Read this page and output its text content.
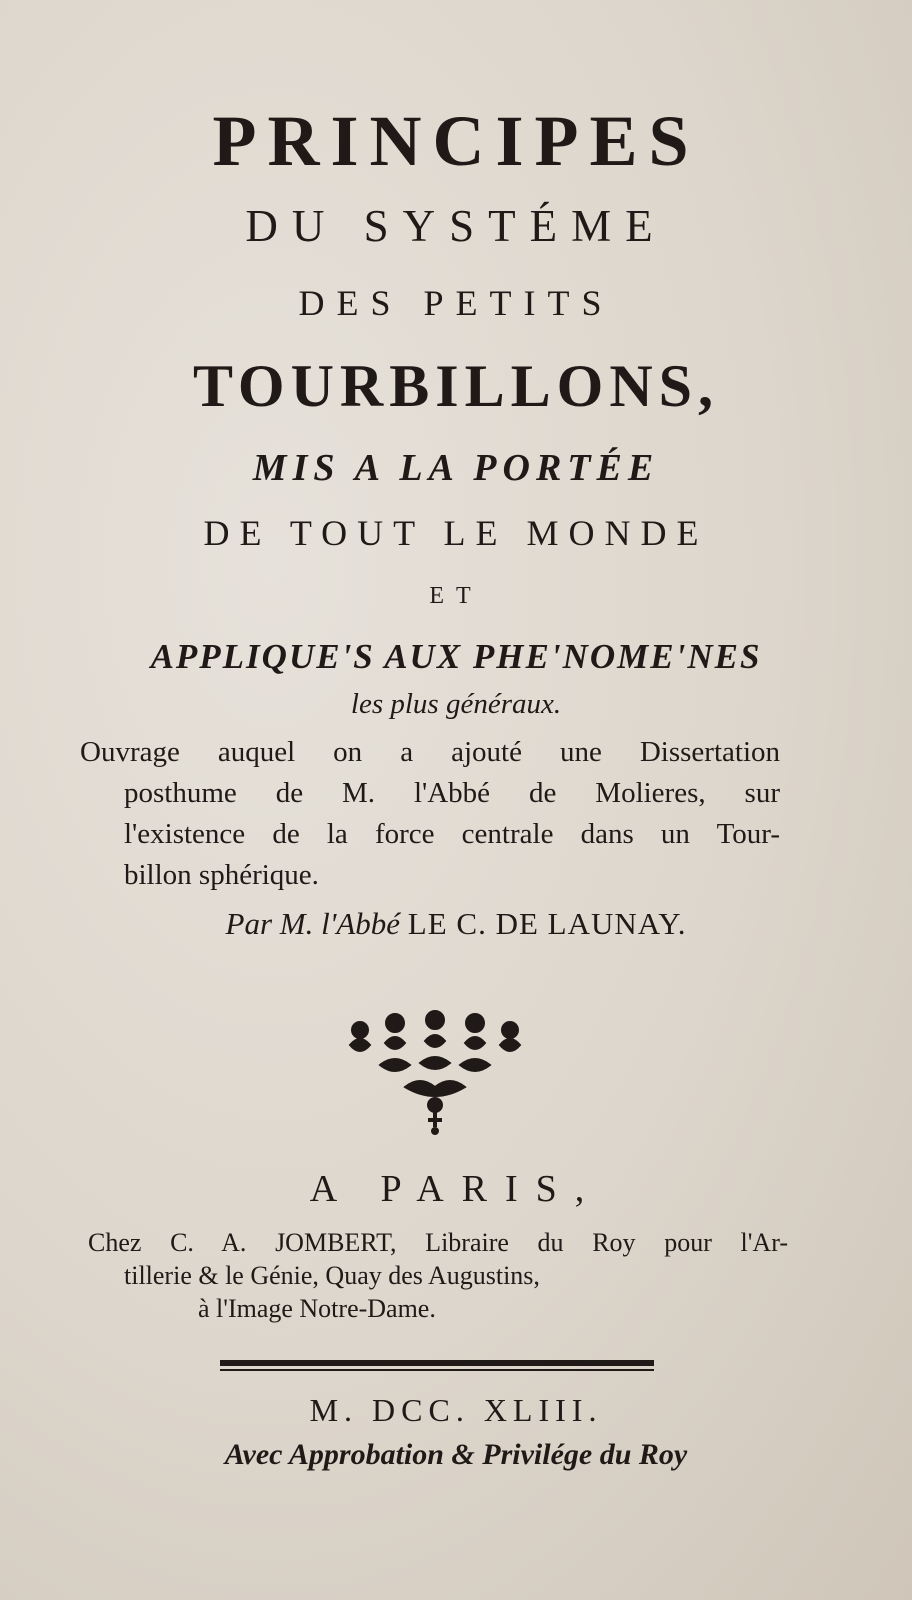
PRINCIPES
DU SYSTÉME
DES PETITS
TOURBILLONS,
MIS A LA PORTÉE
DE TOUT LE MONDE
ET
APPLIQUE'S AUX PHE'NOME'NES
les plus généraux.
Ouvrage auquel on a ajouté une Dissertation
posthume de M. l'Abbé de Molieres, sur
l'existence de la force centrale dans un Tour-
billon sphérique.
Par M. l'Abbé LE C. DE LAUNAY.
A PARIS,
Chez C. A. JOMBERT, Libraire du Roy pour l'Ar-
tillerie & le Génie, Quay des Augustins,
à l'Image Notre-Dame.
M. DCC. XLIII.
Avec Approbation & Privilége du Roy
